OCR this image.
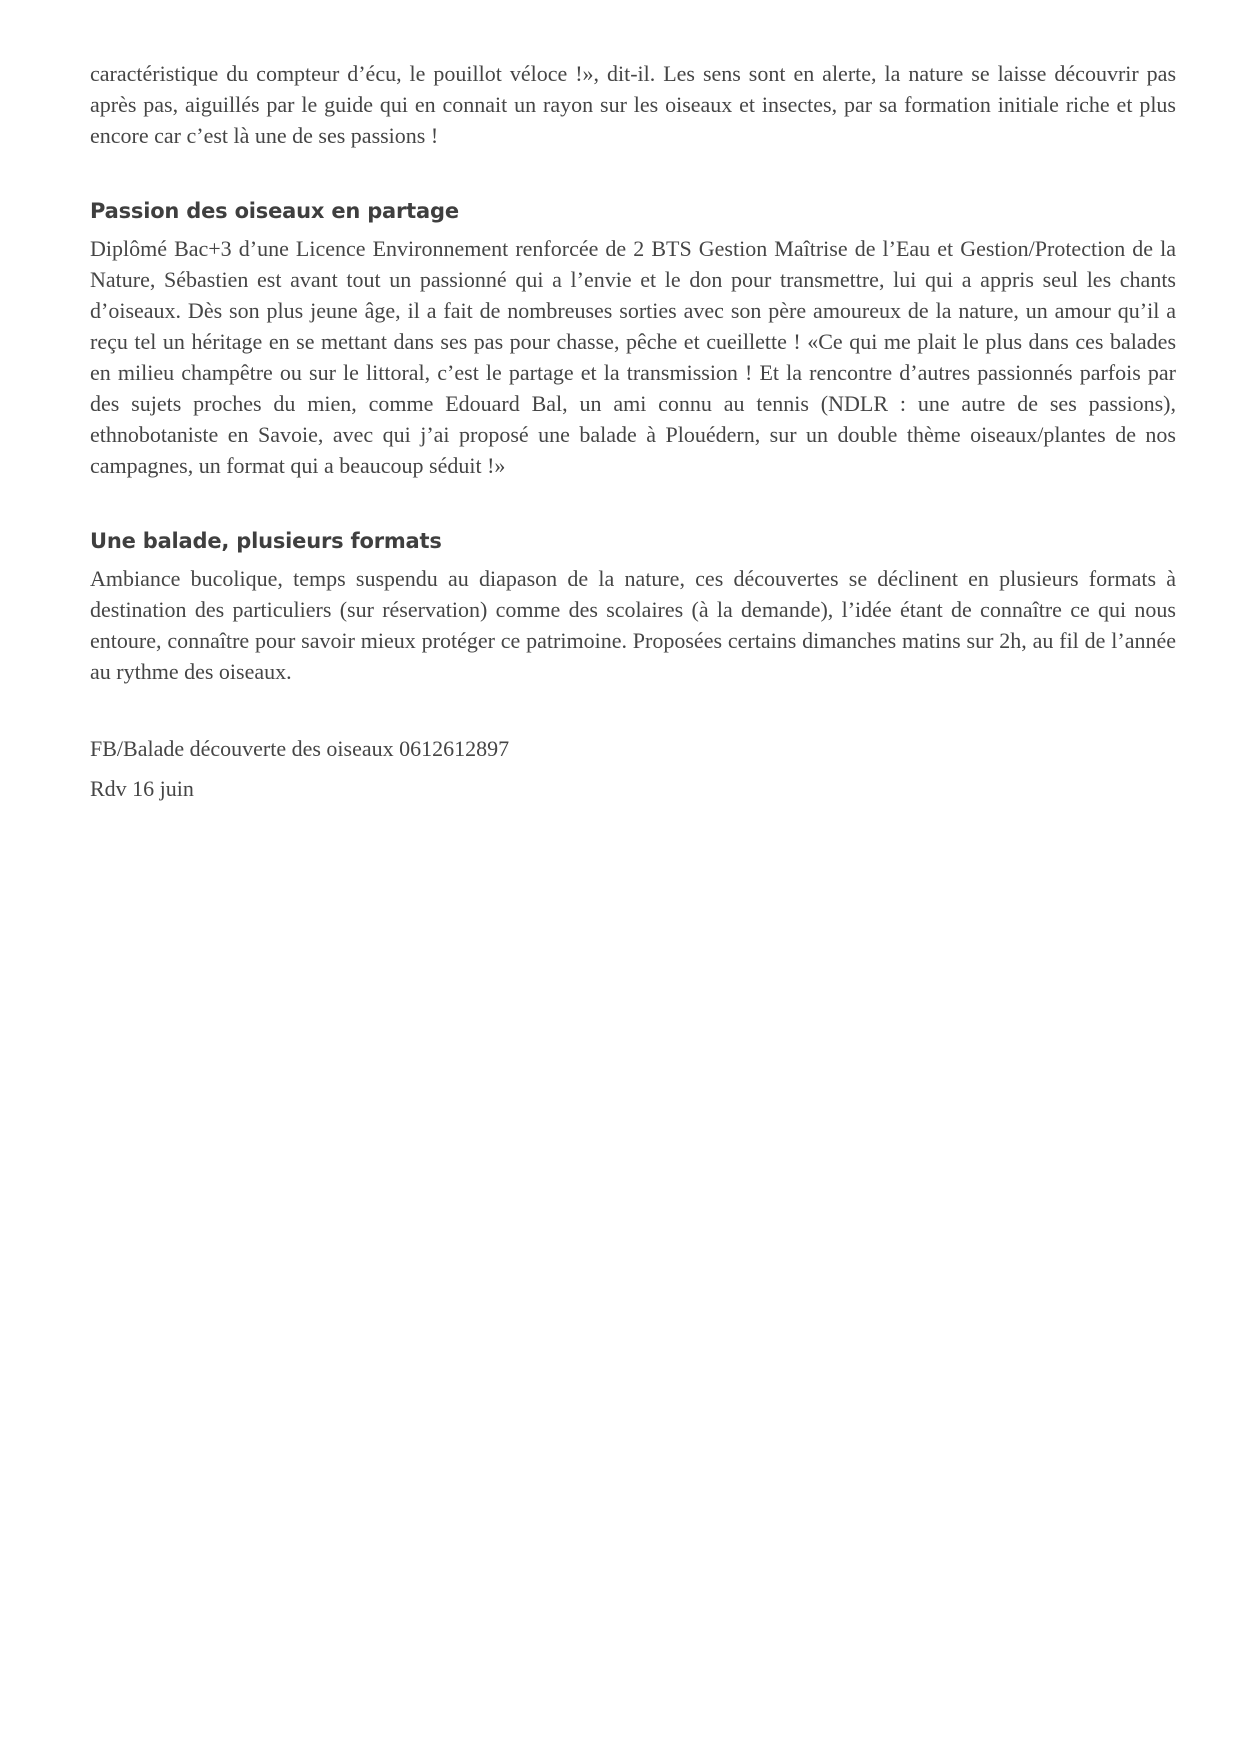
caractéristique du compteur d’écu, le pouillot véloce !», dit-il. Les sens sont en alerte, la nature se laisse découvrir pas après pas, aiguillés par le guide qui en connait un rayon sur les oiseaux et insectes, par sa formation initiale riche et plus encore car c’est là une de ses passions !

Passion des oiseaux en partage

Diplômé Bac+3 d’une Licence Environnement renforcée de 2 BTS Gestion Maîtrise de l’Eau et Gestion/Protection de la Nature, Sébastien est avant tout un passionné qui a l’envie et le don pour transmettre, lui qui a appris seul les chants d’oiseaux. Dès son plus jeune âge, il a fait de nombreuses sorties avec son père amoureux de la nature, un amour qu’il a reçu tel un héritage en se mettant dans ses pas pour chasse, pêche et cueillette ! «Ce qui me plait le plus dans ces balades en milieu champêtre ou sur le littoral, c’est le partage et la transmission ! Et la rencontre d’autres passionnés parfois par des sujets proches du mien, comme Edouard Bal, un ami connu au tennis (NDLR : une autre de ses passions), ethnobotaniste en Savoie, avec qui j’ai proposé une balade à Plouédern, sur un double thème oiseaux/plantes de nos campagnes, un format qui a beaucoup séduit !»

Une balade, plusieurs formats

Ambiance bucolique, temps suspendu au diapason de la nature, ces découvertes se déclinent en plusieurs formats à destination des particuliers (sur réservation) comme des scolaires (à la demande), l’idée étant de connaître ce qui nous entoure, connaître pour savoir mieux protéger ce patrimoine. Proposées certains dimanches matins sur 2h, au fil de l’année au rythme des oiseaux.

FB/Balade découverte des oiseaux 0612612897

Rdv 16 juin
